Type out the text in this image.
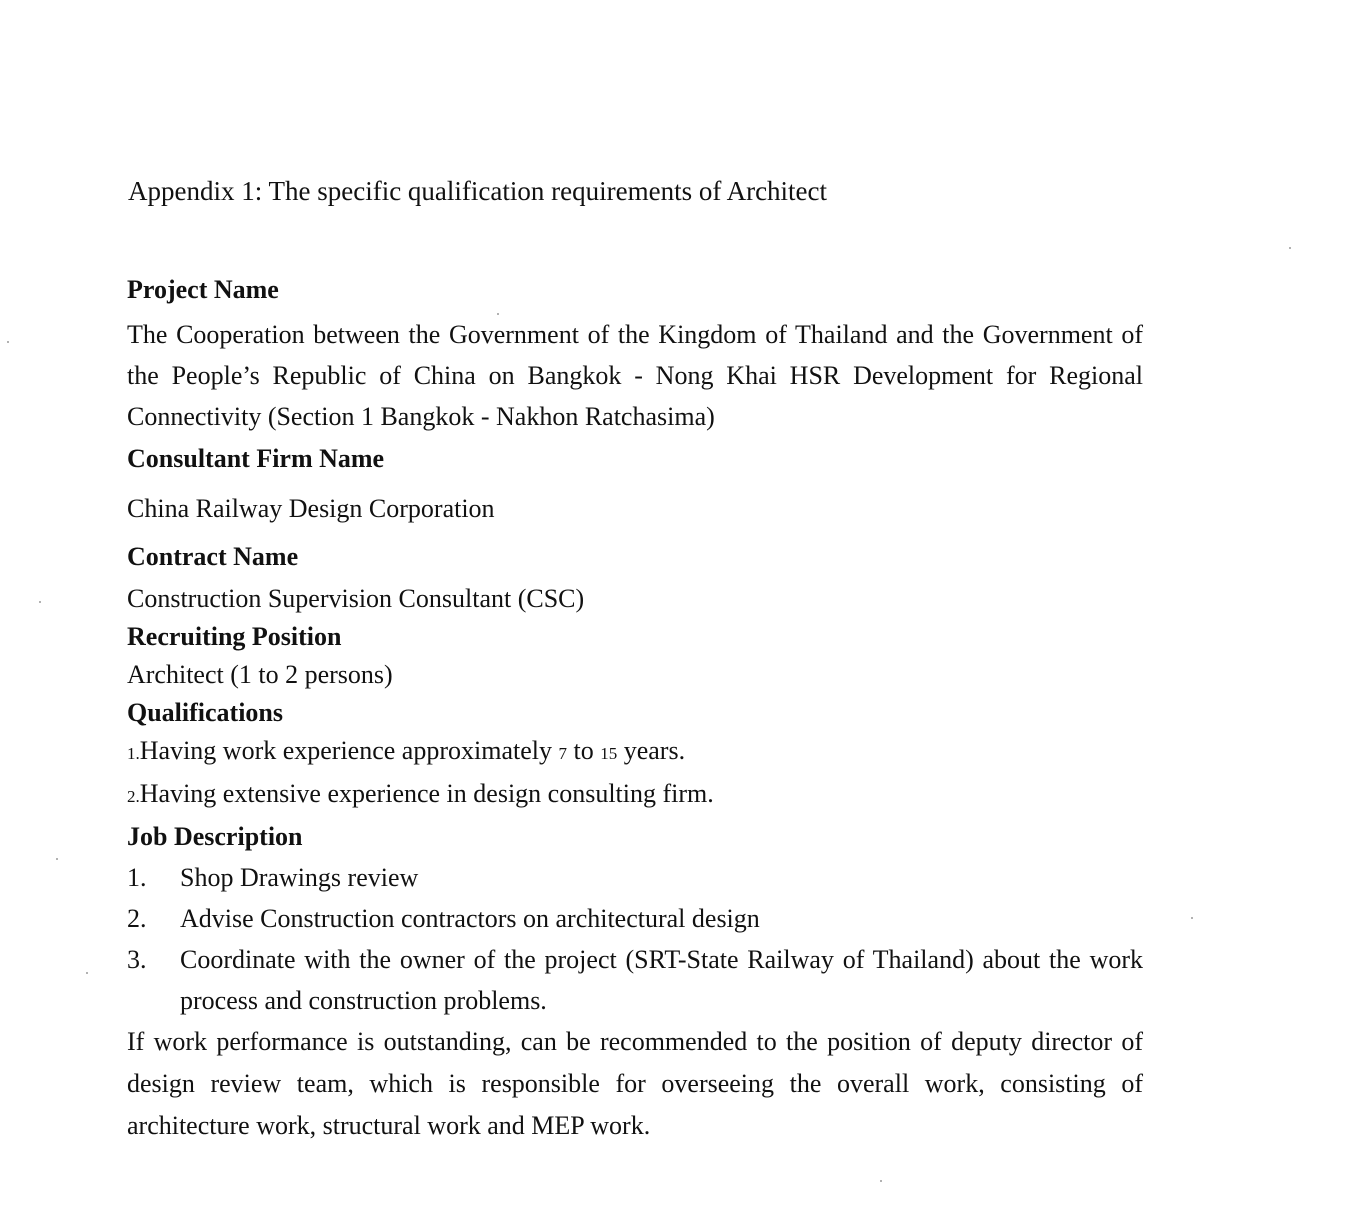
Appendix 1: The specific qualification requirements of Architect
Project Name
The Cooperation between the Government of the Kingdom of Thailand and the Government of the People’s Republic of China on Bangkok - Nong Khai HSR Development for Regional Connectivity (Section 1 Bangkok - Nakhon Ratchasima)
Consultant Firm Name
China Railway Design Corporation
Contract Name
Construction Supervision Consultant (CSC)
Recruiting Position
Architect (1 to 2 persons)
Qualifications
1.Having work experience approximately 7 to 15 years.
2.Having extensive experience in design consulting firm.
Job Description
1.	Shop Drawings review
2.	Advise Construction contractors on architectural design
3.	Coordinate with the owner of the project (SRT-State Railway of Thailand) about the work process and construction problems.
If work performance is outstanding, can be recommended to the position of deputy director of design review team, which is responsible for overseeing the overall work, consisting of architecture work, structural work and MEP work.
